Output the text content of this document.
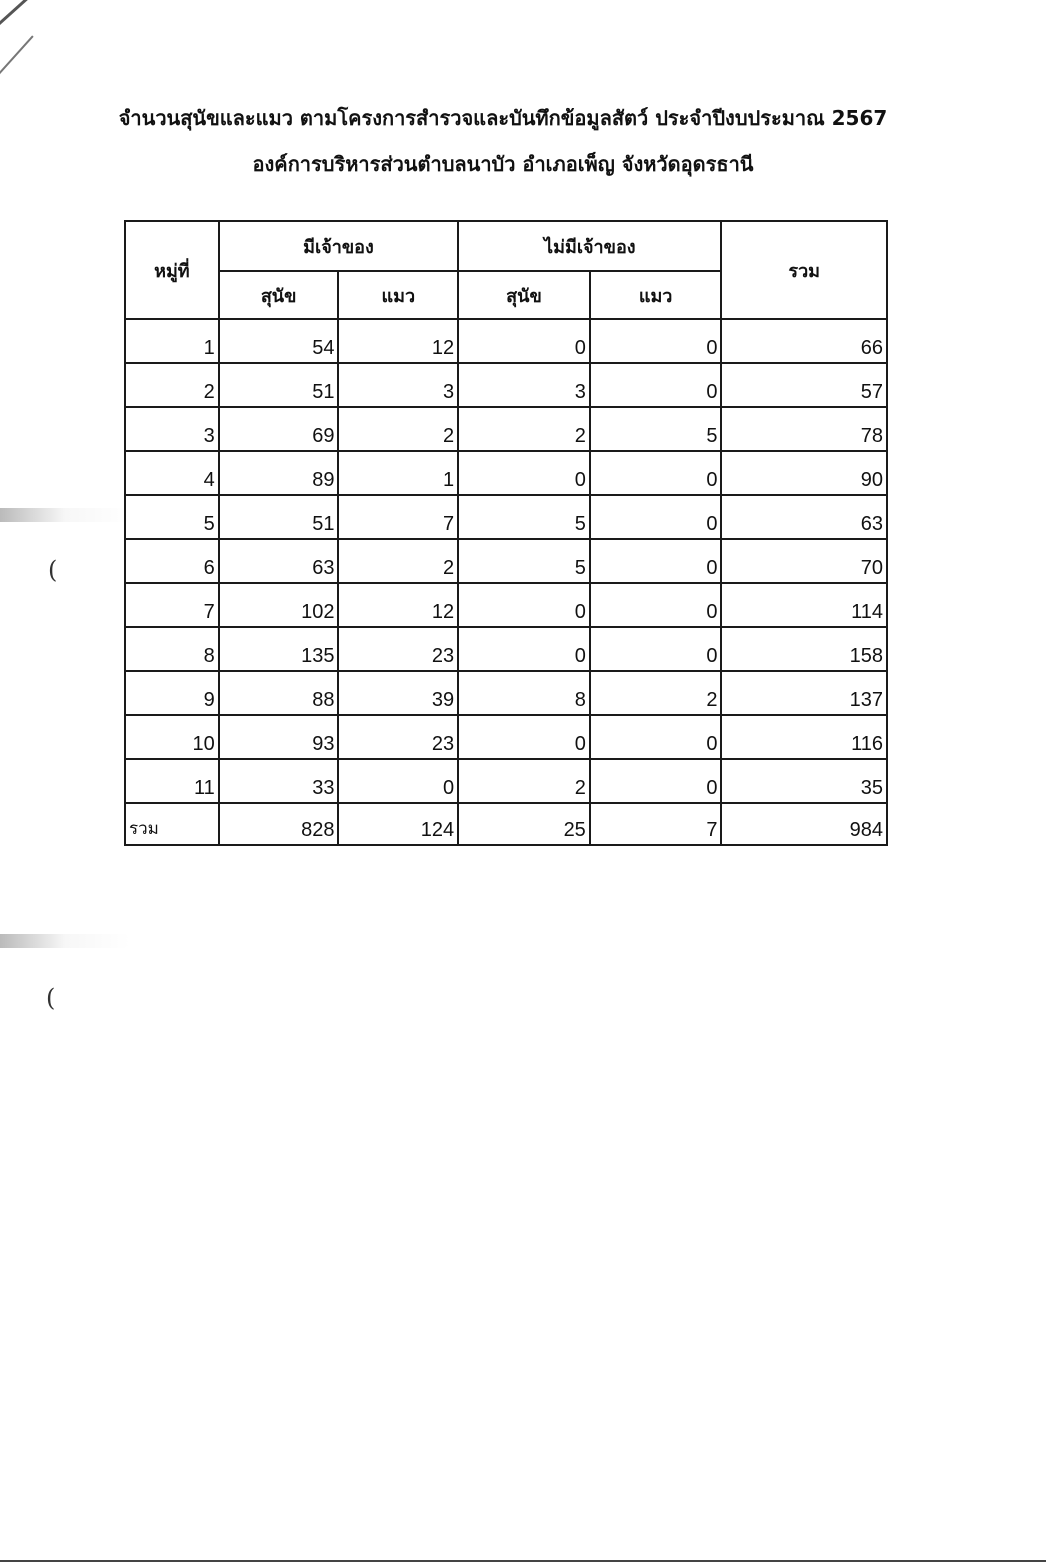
(
(
จำนวนสุนัขและแมว ตามโครงการสำรวจและบันทึกข้อมูลสัตว์ ประจำปีงบประมาณ 2567
องค์การบริหารส่วนตำบลนาบัว อำเภอเพ็ญ จังหวัดอุดรธานี
หมู่ที่	มีเจ้าของ		ไม่มีเจ้าของ		รวม
	สุนัข	แมว	สุนัข	แมว	
1	54	12	0	0	66
2	51	3	3	0	57
3	69	2	2	5	78
4	89	1	0	0	90
5	51	7	5	0	63
6	63	2	5	0	70
7	102	12	0	0	114
8	135	23	0	0	158
9	88	39	8	2	137
10	93	23	0	0	116
11	33	0	2	0	35
รวม	828	124	25	7	984
